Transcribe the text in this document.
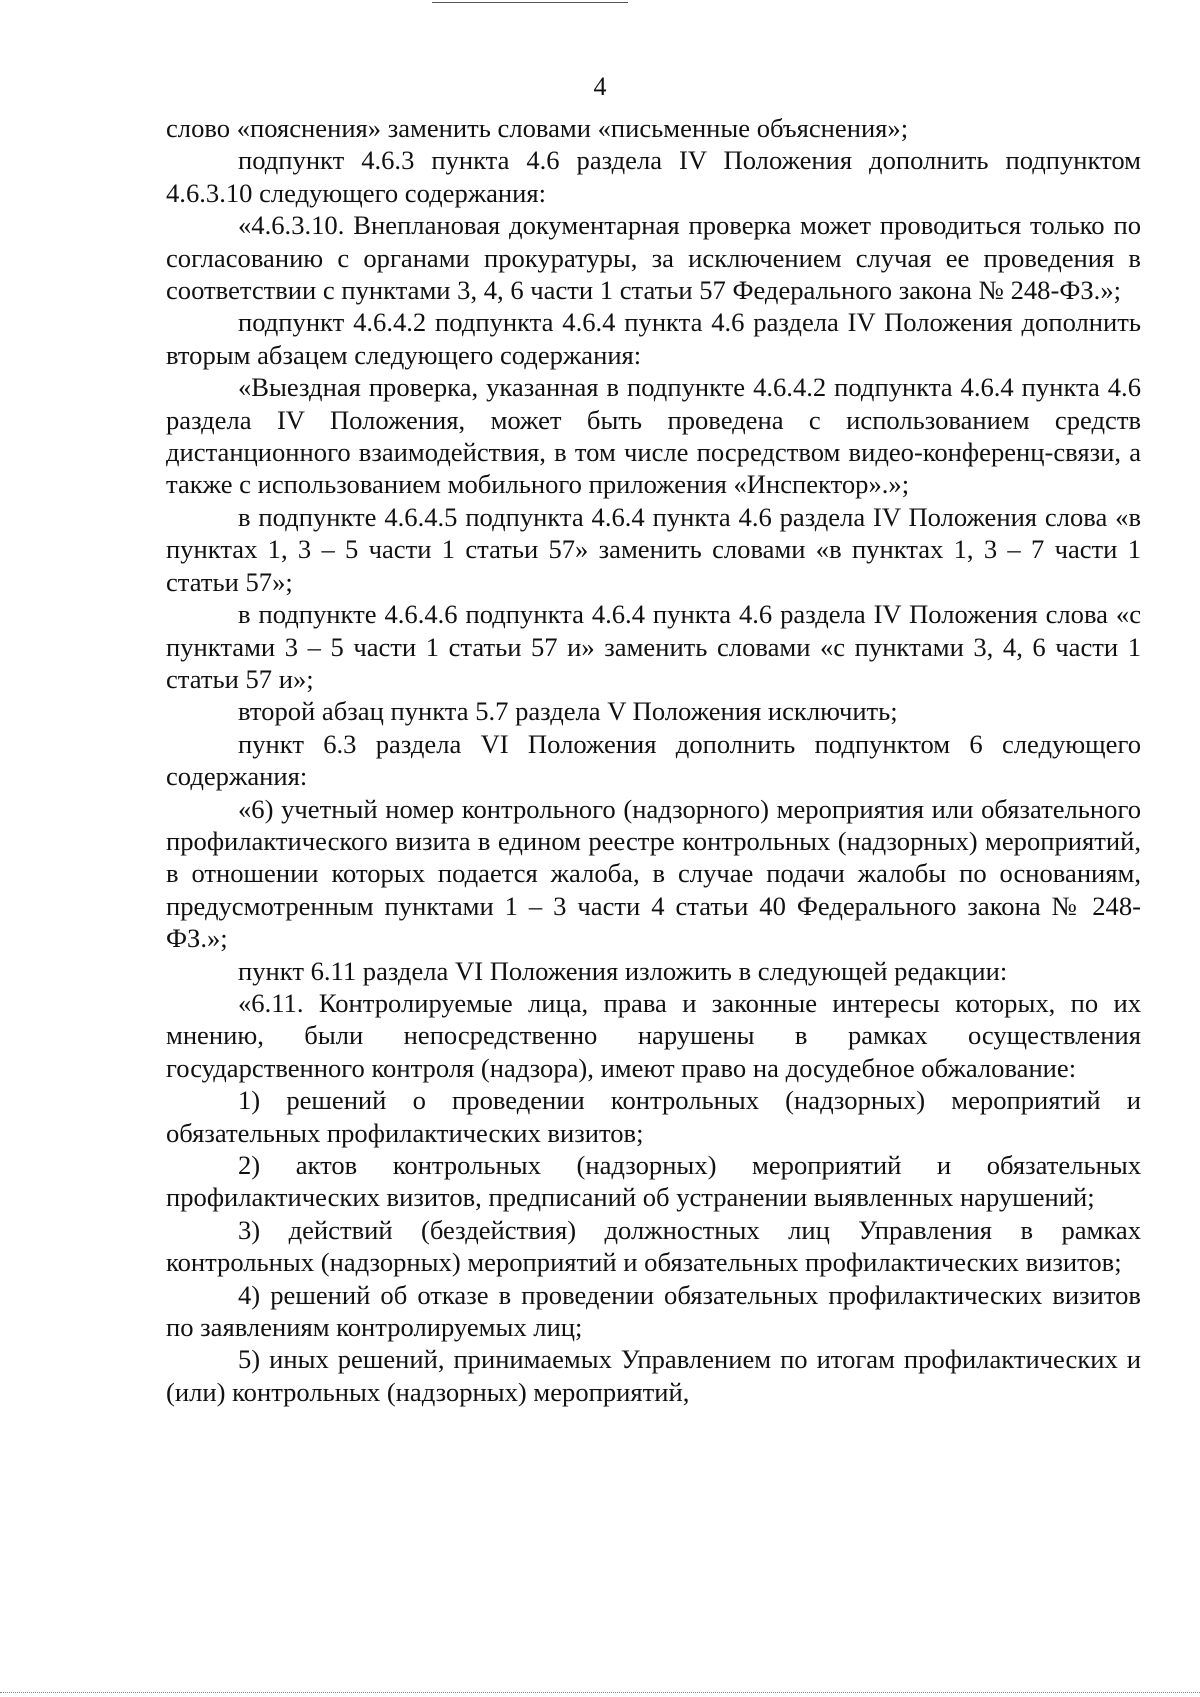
4

слово «пояснения» заменить словами «письменные объяснения»;

подпункт 4.6.3 пункта 4.6 раздела IV Положения дополнить подпунктом 4.6.3.10 следующего содержания:

«4.6.3.10. Внеплановая документарная проверка может проводиться только по согласованию с органами прокуратуры, за исключением случая ее проведения в соответствии с пунктами 3, 4, 6 части 1 статьи 57 Федерального закона № 248-ФЗ.»;

подпункт 4.6.4.2 подпункта 4.6.4 пункта 4.6 раздела IV Положения дополнить вторым абзацем следующего содержания:

«Выездная проверка, указанная в подпункте 4.6.4.2 подпункта 4.6.4 пункта 4.6 раздела IV Положения, может быть проведена с использованием средств дистанционного взаимодействия, в том числе посредством видео-конференц-связи, а также с использованием мобильного приложения «Инспектор».»;

в подпункте 4.6.4.5 подпункта 4.6.4 пункта 4.6 раздела IV Положения слова «в пунктах 1, 3 – 5 части 1 статьи 57» заменить словами «в пунктах 1, 3 – 7 части 1 статьи 57»;

в подпункте 4.6.4.6 подпункта 4.6.4 пункта 4.6 раздела IV Положения слова «с пунктами 3 – 5 части 1 статьи 57 и» заменить словами «с пунктами 3, 4, 6 части 1 статьи 57 и»;

второй абзац пункта 5.7 раздела V Положения исключить;

пункт 6.3 раздела VI Положения дополнить подпунктом 6 следующего содержания:

«6) учетный номер контрольного (надзорного) мероприятия или обязательного профилактического визита в едином реестре контрольных (надзорных) мероприятий, в отношении которых подается жалоба, в случае подачи жалобы по основаниям, предусмотренным пунктами 1 – 3 части 4 статьи 40 Федерального закона № 248-ФЗ.»;

пункт 6.11 раздела VI Положения изложить в следующей редакции:

«6.11. Контролируемые лица, права и законные интересы которых, по их мнению, были непосредственно нарушены в рамках осуществления государственного контроля (надзора), имеют право на досудебное обжалование:

1) решений о проведении контрольных (надзорных) мероприятий и обязательных профилактических визитов;

2) актов контрольных (надзорных) мероприятий и обязательных профилактических визитов, предписаний об устранении выявленных нарушений;

3) действий (бездействия) должностных лиц Управления в рамках контрольных (надзорных) мероприятий и обязательных профилактических визитов;

4) решений об отказе в проведении обязательных профилактических визитов по заявлениям контролируемых лиц;

5) иных решений, принимаемых Управлением по итогам профилактических и (или) контрольных (надзорных) мероприятий,
